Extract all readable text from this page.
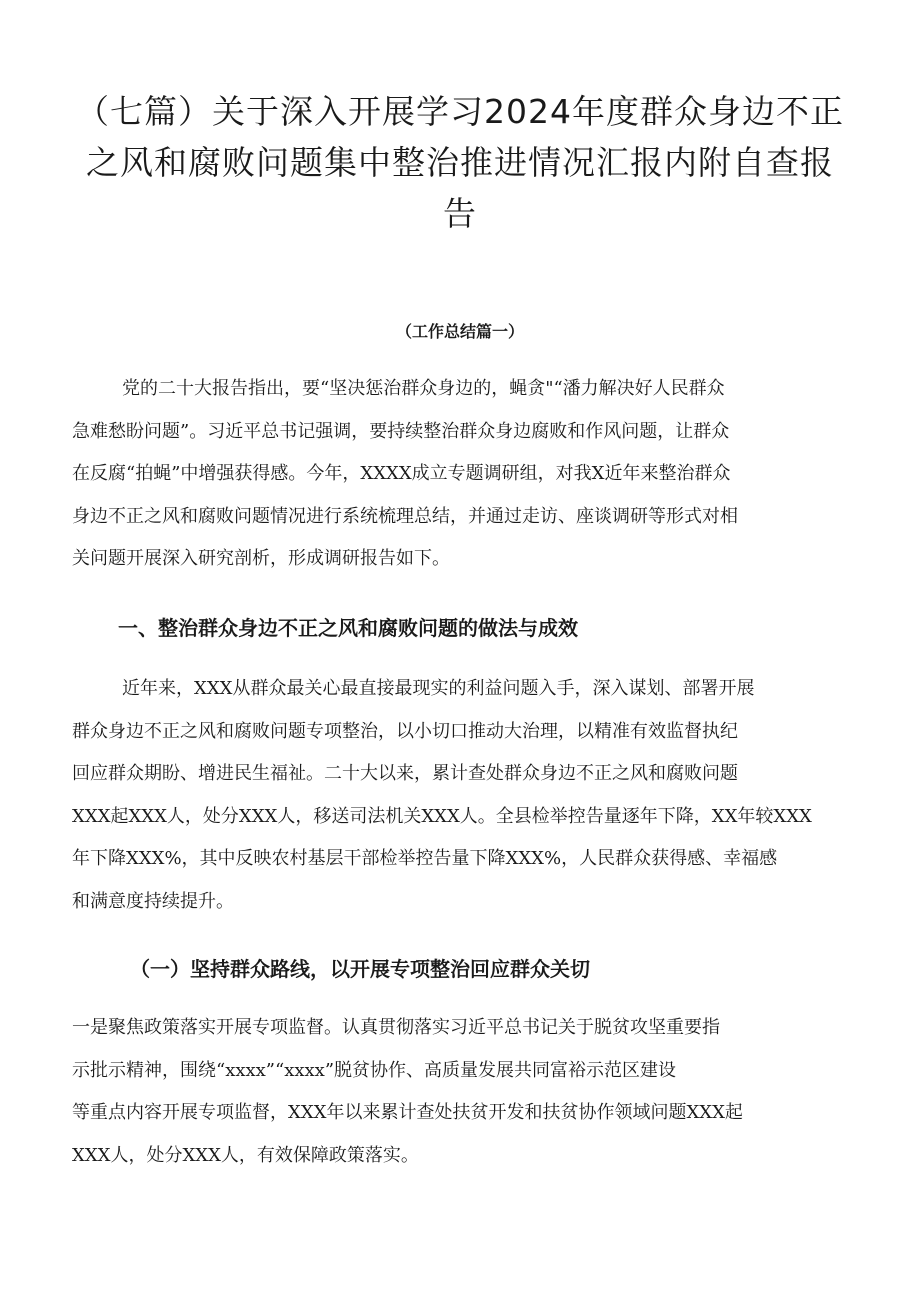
（七篇）关于深入开展学习2024年度群众身边不正
之风和腐败问题集中整治推进情况汇报内附自查报
告
（工作总结篇一）

党的二十大报告指出，要“坚决惩治群众身边的，蝇贪"“潘力解决好人民群众
急难愁盼问题”。习近平总书记强调，要持续整治群众身边腐败和作风问题，让群众
在反腐“拍蝇”中增强获得感。今年，XXXX成立专题调研组，对我X近年来整治群众
身边不正之风和腐败问题情况进行系统梳理总结，并通过走访、座谈调研等形式对相
关问题开展深入研究剖析，形成调研报告如下。

一、整治群众身边不正之风和腐败问题的做法与成效

近年来，XXX从群众最关心最直接最现实的利益问题入手，深入谋划、部署开展
群众身边不正之风和腐败问题专项整治，以小切口推动大治理，以精准有效监督执纪
回应群众期盼、增进民生福祉。二十大以来，累计查处群众身边不正之风和腐败问题
XXX起XXX人，处分XXX人，移送司法机关XXX人。全县检举控告量逐年下降，XX年较XXX
年下降XXX%，其中反映农村基层干部检举控告量下降XXX%，人民群众获得感、幸福感
和满意度持续提升。

（一）坚持群众路线，以开展专项整治回应群众关切

一是聚焦政策落实开展专项监督。认真贯彻落实习近平总书记关于脱贫攻坚重要指
示批示精神，围绕“xxxx”“xxxx”脱贫协作、高质量发展共同富裕示范区建设
等重点内容开展专项监督，XXX年以来累计查处扶贫开发和扶贫协作领域问题XXX起
XXX人，处分XXX人，有效保障政策落实。
